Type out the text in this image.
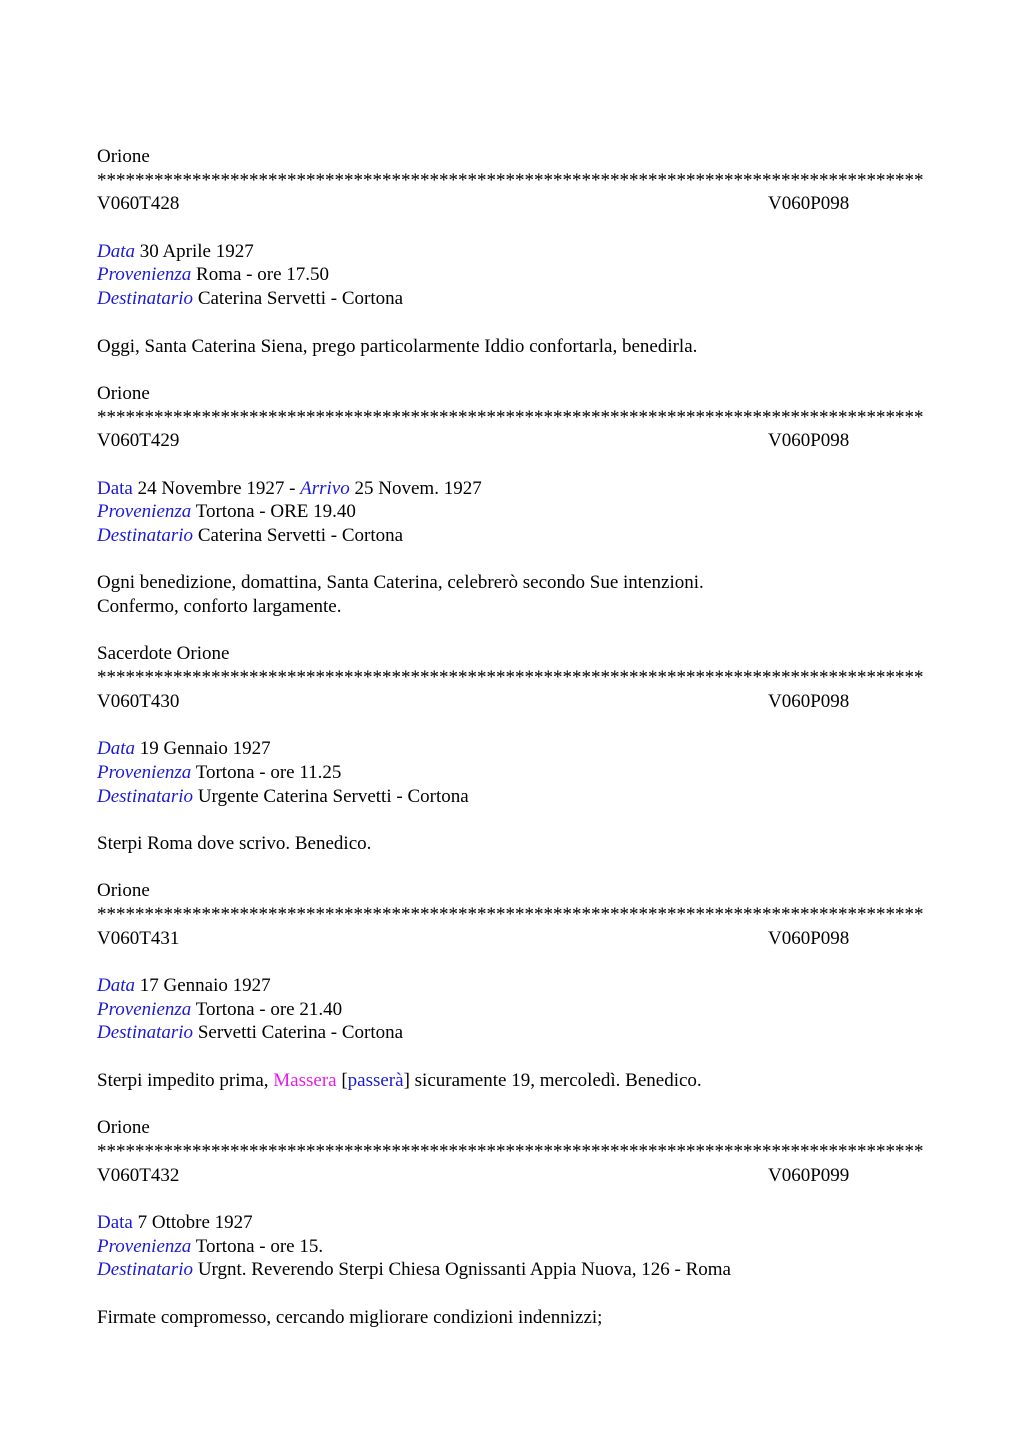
Orione
***************************************************************************************
V060T428	V060P098
Data 30 Aprile 1927
Provenienza Roma - ore 17.50
Destinatario Caterina Servetti - Cortona
Oggi, Santa Caterina Siena, prego particolarmente Iddio confortarla, benedirla.
Orione
***************************************************************************************
V060T429	V060P098
Data 24 Novembre 1927 - Arrivo 25 Novem. 1927
Provenienza Tortona - ORE 19.40
Destinatario Caterina Servetti - Cortona
Ogni benedizione, domattina, Santa Caterina, celebrerò secondo Sue intenzioni.
Confermo, conforto largamente.
Sacerdote Orione
***************************************************************************************
V060T430	V060P098
Data 19 Gennaio 1927
Provenienza Tortona - ore 11.25
Destinatario Urgente Caterina Servetti - Cortona
Sterpi Roma dove scrivo. Benedico.
Orione
***************************************************************************************
V060T431	V060P098
Data 17 Gennaio 1927
Provenienza Tortona - ore 21.40
Destinatario Servetti Caterina - Cortona
Sterpi impedito prima, Massera [passerà] sicuramente 19, mercoledì. Benedico.
Orione
***************************************************************************************
V060T432	V060P099
Data 7 Ottobre 1927
Provenienza Tortona - ore 15.
Destinatario Urgnt. Reverendo Sterpi Chiesa Ognissanti Appia Nuova, 126 - Roma
Firmate compromesso, cercando migliorare condizioni indennizzi;
